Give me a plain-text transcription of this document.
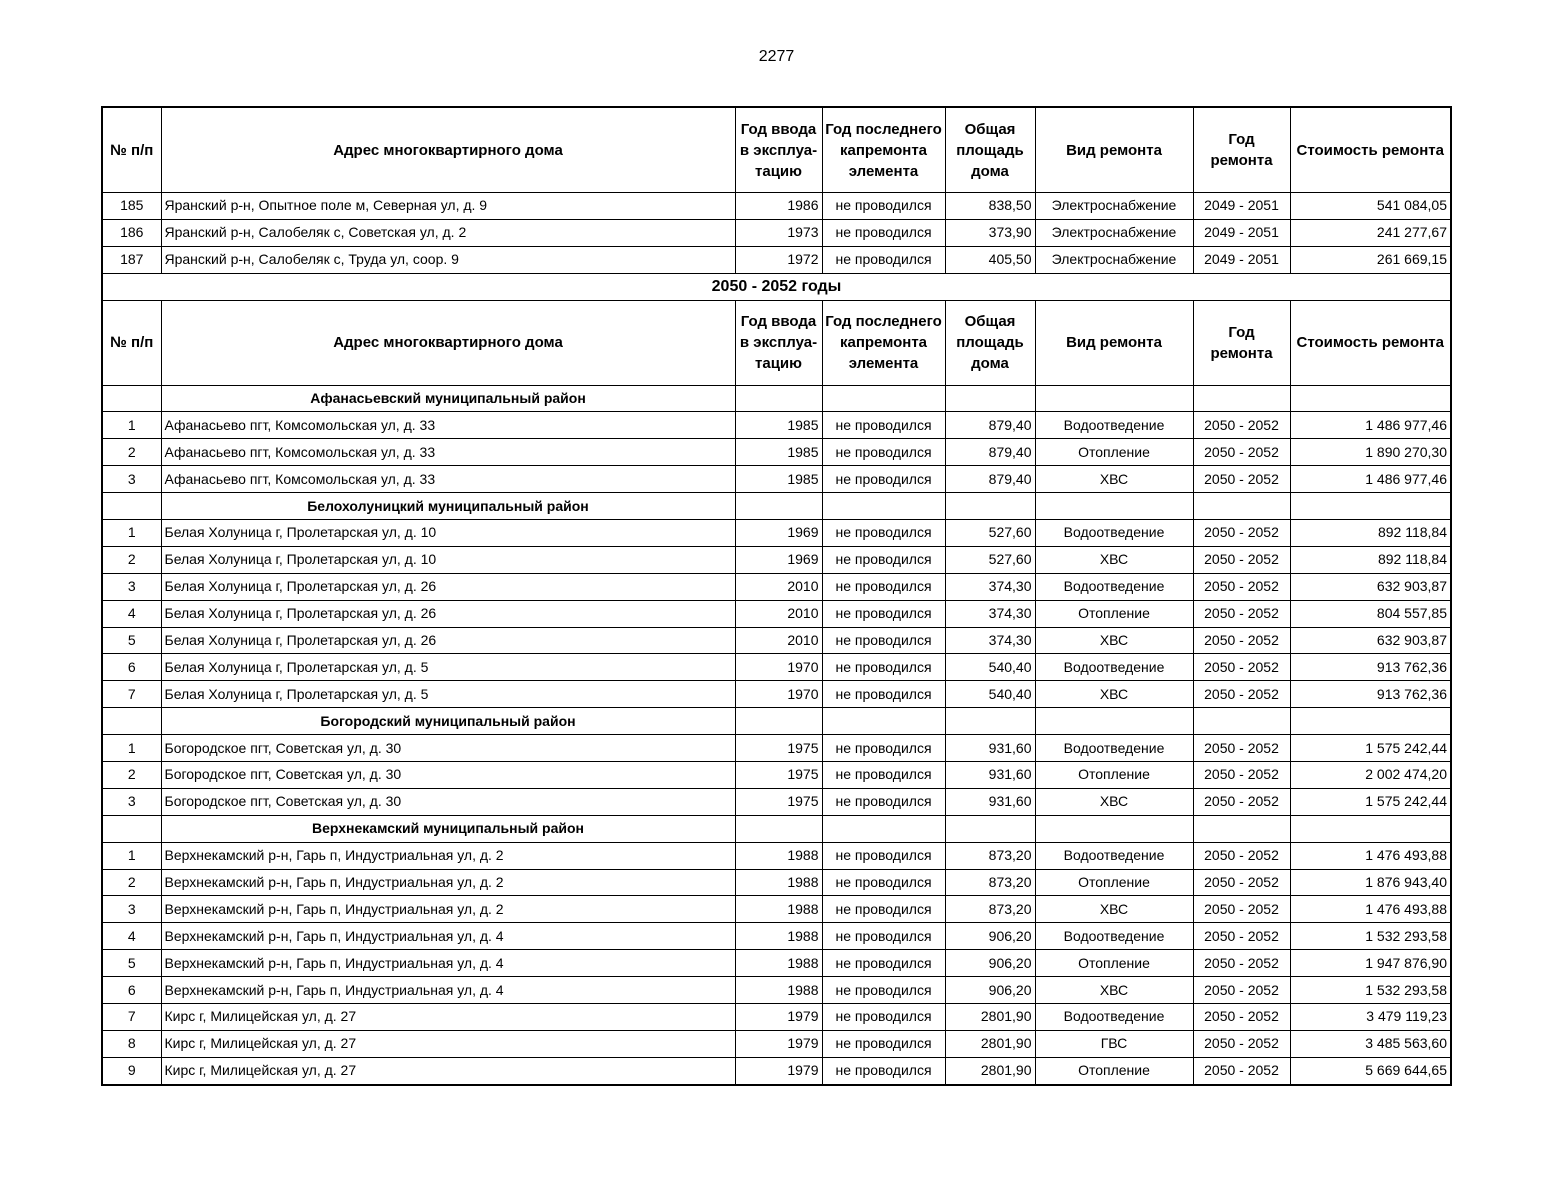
2277
№ п/п	Адрес многоквартирного дома	Год ввода в эксплуа-тацию	Год последнего капремонта элемента	Общая площадь дома	Вид ремонта	Год ремонта	Стоимость ремонта
185	Яранский р-н, Опытное поле м, Северная ул, д. 9	1986	не проводился	838,50	Электроснабжение	2049 - 2051	541 084,05
186	Яранский р-н, Салобеляк с, Советская ул, д. 2	1973	не проводился	373,90	Электроснабжение	2049 - 2051	241 277,67
187	Яранский р-н, Салобеляк с, Труда ул, соор. 9	1972	не проводился	405,50	Электроснабжение	2049 - 2051	261 669,15
2050 - 2052 годы							
№ п/п	Адрес многоквартирного дома	Год ввода в эксплуа-тацию	Год последнего капремонта элемента	Общая площадь дома	Вид ремонта	Год ремонта	Стоимость ремонта
	Афанасьевский муниципальный район						
1	Афанасьево пгт, Комсомольская ул, д. 33	1985	не проводился	879,40	Водоотведение	2050 - 2052	1 486 977,46
2	Афанасьево пгт, Комсомольская ул, д. 33	1985	не проводился	879,40	Отопление	2050 - 2052	1 890 270,30
3	Афанасьево пгт, Комсомольская ул, д. 33	1985	не проводился	879,40	ХВС	2050 - 2052	1 486 977,46
	Белохолуницкий муниципальный район						
1	Белая Холуница г, Пролетарская ул, д. 10	1969	не проводился	527,60	Водоотведение	2050 - 2052	892 118,84
2	Белая Холуница г, Пролетарская ул, д. 10	1969	не проводился	527,60	ХВС	2050 - 2052	892 118,84
3	Белая Холуница г, Пролетарская ул, д. 26	2010	не проводился	374,30	Водоотведение	2050 - 2052	632 903,87
4	Белая Холуница г, Пролетарская ул, д. 26	2010	не проводился	374,30	Отопление	2050 - 2052	804 557,85
5	Белая Холуница г, Пролетарская ул, д. 26	2010	не проводился	374,30	ХВС	2050 - 2052	632 903,87
6	Белая Холуница г, Пролетарская ул, д. 5	1970	не проводился	540,40	Водоотведение	2050 - 2052	913 762,36
7	Белая Холуница г, Пролетарская ул, д. 5	1970	не проводился	540,40	ХВС	2050 - 2052	913 762,36
	Богородский муниципальный район						
1	Богородское пгт, Советская ул, д. 30	1975	не проводился	931,60	Водоотведение	2050 - 2052	1 575 242,44
2	Богородское пгт, Советская ул, д. 30	1975	не проводился	931,60	Отопление	2050 - 2052	2 002 474,20
3	Богородское пгт, Советская ул, д. 30	1975	не проводился	931,60	ХВС	2050 - 2052	1 575 242,44
	Верхнекамский муниципальный район						
1	Верхнекамский р-н, Гарь п, Индустриальная ул, д. 2	1988	не проводился	873,20	Водоотведение	2050 - 2052	1 476 493,88
2	Верхнекамский р-н, Гарь п, Индустриальная ул, д. 2	1988	не проводился	873,20	Отопление	2050 - 2052	1 876 943,40
3	Верхнекамский р-н, Гарь п, Индустриальная ул, д. 2	1988	не проводился	873,20	ХВС	2050 - 2052	1 476 493,88
4	Верхнекамский р-н, Гарь п, Индустриальная ул, д. 4	1988	не проводился	906,20	Водоотведение	2050 - 2052	1 532 293,58
5	Верхнекамский р-н, Гарь п, Индустриальная ул, д. 4	1988	не проводился	906,20	Отопление	2050 - 2052	1 947 876,90
6	Верхнекамский р-н, Гарь п, Индустриальная ул, д. 4	1988	не проводился	906,20	ХВС	2050 - 2052	1 532 293,58
7	Кирс г, Милицейская ул, д. 27	1979	не проводился	2801,90	Водоотведение	2050 - 2052	3 479 119,23
8	Кирс г, Милицейская ул, д. 27	1979	не проводился	2801,90	ГВС	2050 - 2052	3 485 563,60
9	Кирс г, Милицейская ул, д. 27	1979	не проводился	2801,90	Отопление	2050 - 2052	5 669 644,65
